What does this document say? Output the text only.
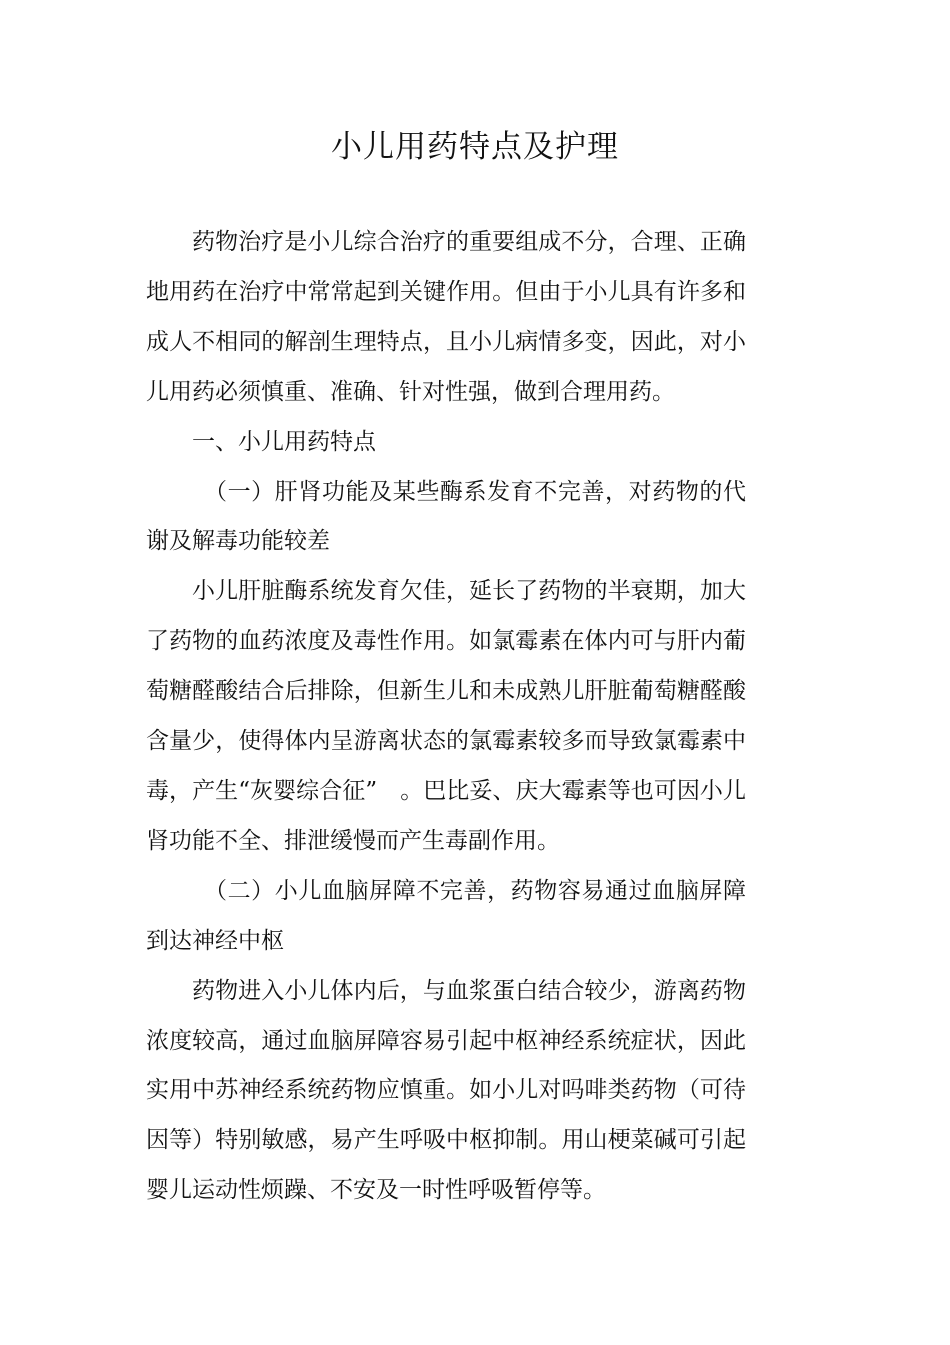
小儿用药特点及护理

药物治疗是小儿综合治疗的重要组成不分，合理、正确地用药在治疗中常常起到关键作用。但由于小儿具有许多和成人不相同的解剖生理特点，且小儿病情多变，因此，对小儿用药必须慎重、准确、针对性强，做到合理用药。

一、小儿用药特点

（一）肝肾功能及某些酶系发育不完善，对药物的代谢及解毒功能较差

小儿肝脏酶系统发育欠佳，延长了药物的半衰期，加大了药物的血药浓度及毒性作用。如氯霉素在体内可与肝内葡萄糖醛酸结合后排除，但新生儿和未成熟儿肝脏葡萄糖醛酸含量少，使得体内呈游离状态的氯霉素较多而导致氯霉素中毒，产生“灰婴综合征”　。巴比妥、庆大霉素等也可因小儿肾功能不全、排泄缓慢而产生毒副作用。

（二）小儿血脑屏障不完善，药物容易通过血脑屏障到达神经中枢

药物进入小儿体内后，与血浆蛋白结合较少，游离药物浓度较高，通过血脑屏障容易引起中枢神经系统症状，因此实用中苏神经系统药物应慎重。如小儿对吗啡类药物（可待因等）特别敏感，易产生呼吸中枢抑制。用山梗菜碱可引起婴儿运动性烦躁、不安及一时性呼吸暂停等。
